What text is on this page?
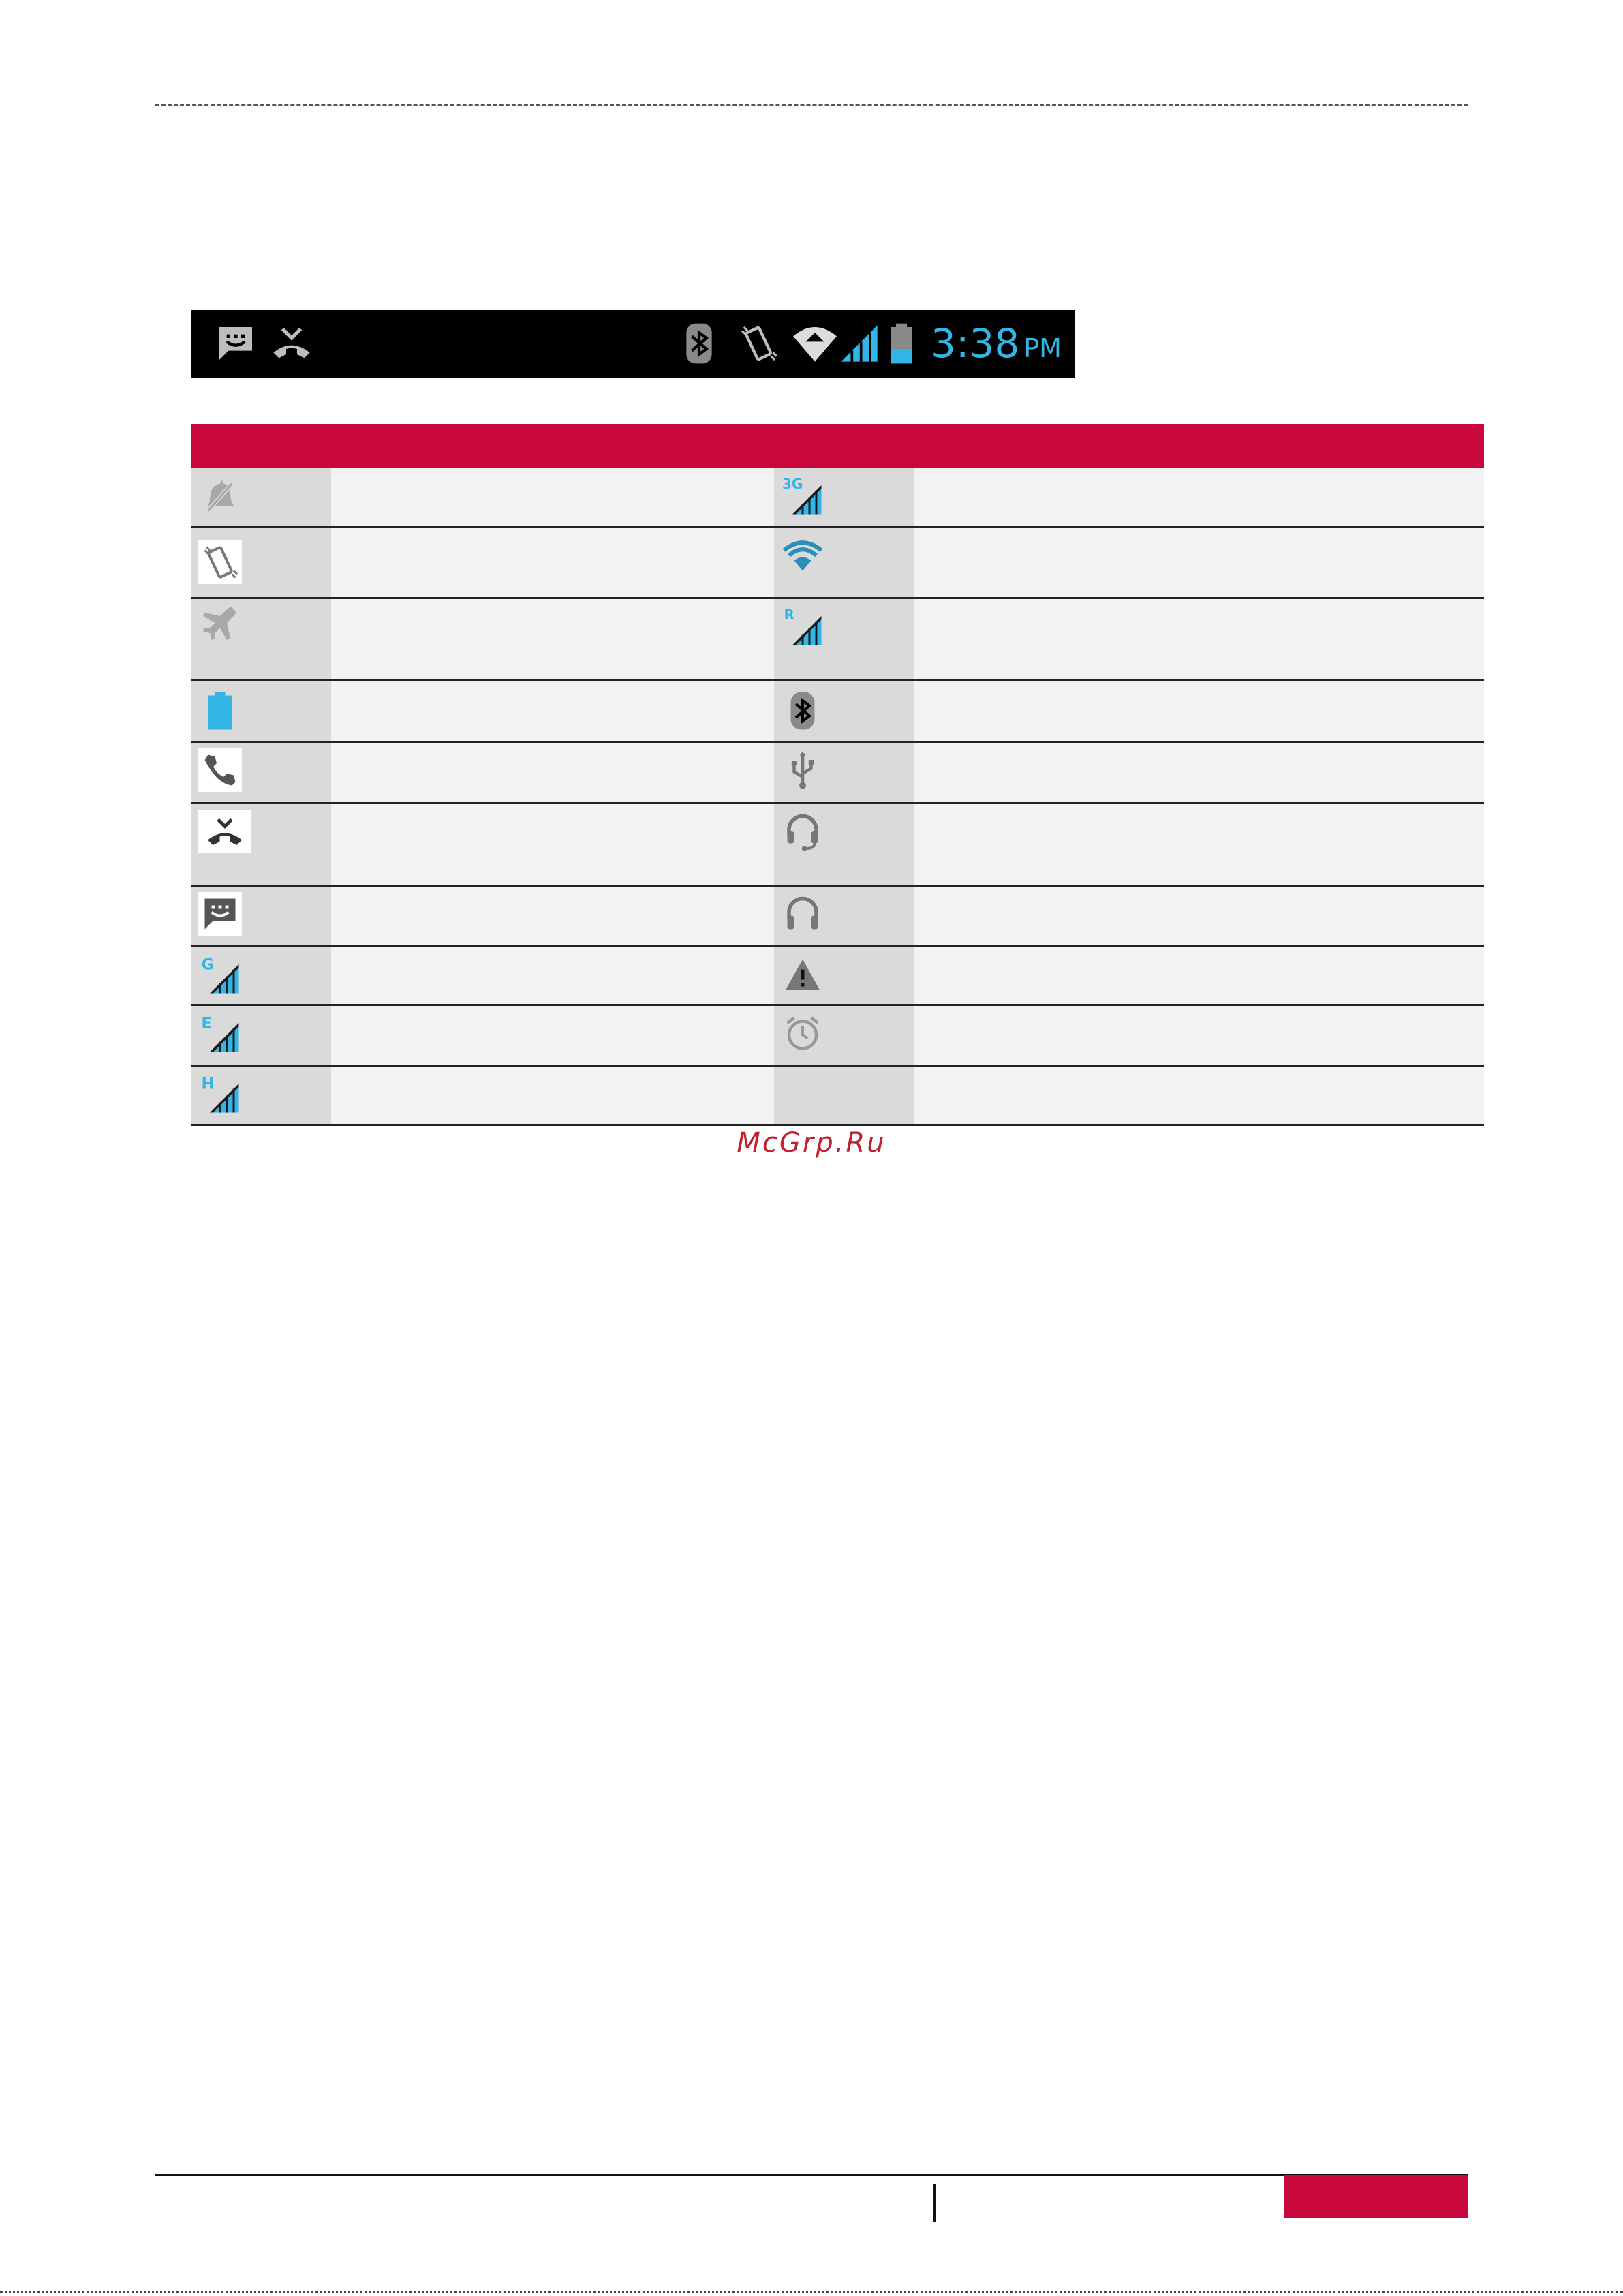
3:38 PM
3G
R
G
E
H
McGrp.Ru
